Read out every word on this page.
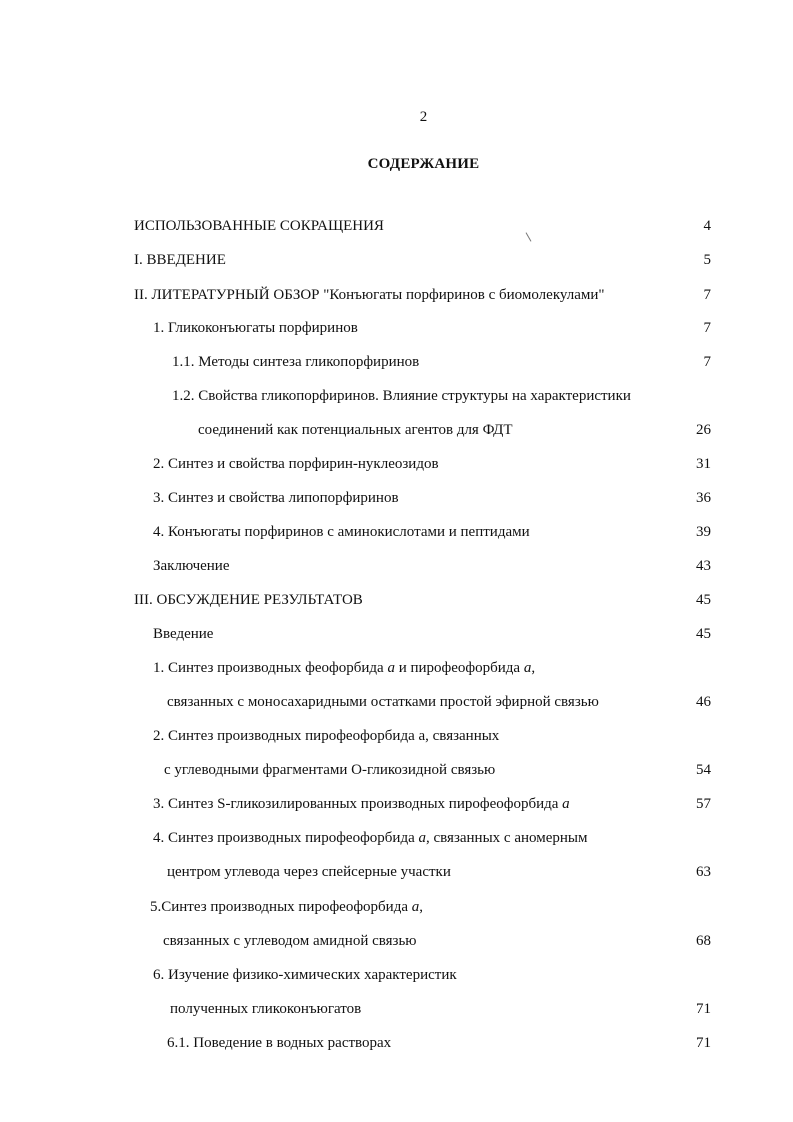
2
СОДЕРЖАНИЕ
ИСПОЛЬЗОВАННЫЕ СОКРАЩЕНИЯ	4
I. ВВЕДЕНИЕ	5
II. ЛИТЕРАТУРНЫЙ ОБЗОР "Конъюгаты порфиринов с биомолекулами"	7
1. Гликоконъюгаты порфиринов	7
1.1. Методы синтеза гликопорфиринов	7
1.2. Свойства гликопорфиринов. Влияние структуры на характеристики
соединений как потенциальных агентов для ФДТ	26
2. Синтез и свойства порфирин-нуклеозидов	31
3. Синтез и свойства липопорфиринов	36
4. Конъюгаты порфиринов с аминокислотами и пептидами	39
Заключение	43
III. ОБСУЖДЕНИЕ РЕЗУЛЬТАТОВ	45
Введение	45
1. Синтез производных феофорбида a и пирофеофорбида a,
связанных с моносахаридными остатками простой эфирной связью	46
2. Синтез производных пирофеофорбида а, связанных
с углеводными фрагментами О-гликозидной связью	54
3. Синтез S-гликозилированных производных пирофеофорбида a	57
4. Синтез производных пирофеофорбида a, связанных с аномерным
центром углевода через спейсерные участки	63
5.Синтез производных пирофеофорбида a,
связанных с углеводом амидной связью	68
6. Изучение физико-химических характеристик
полученных гликоконъюгатов	71
6.1. Поведение в водных растворах	71
